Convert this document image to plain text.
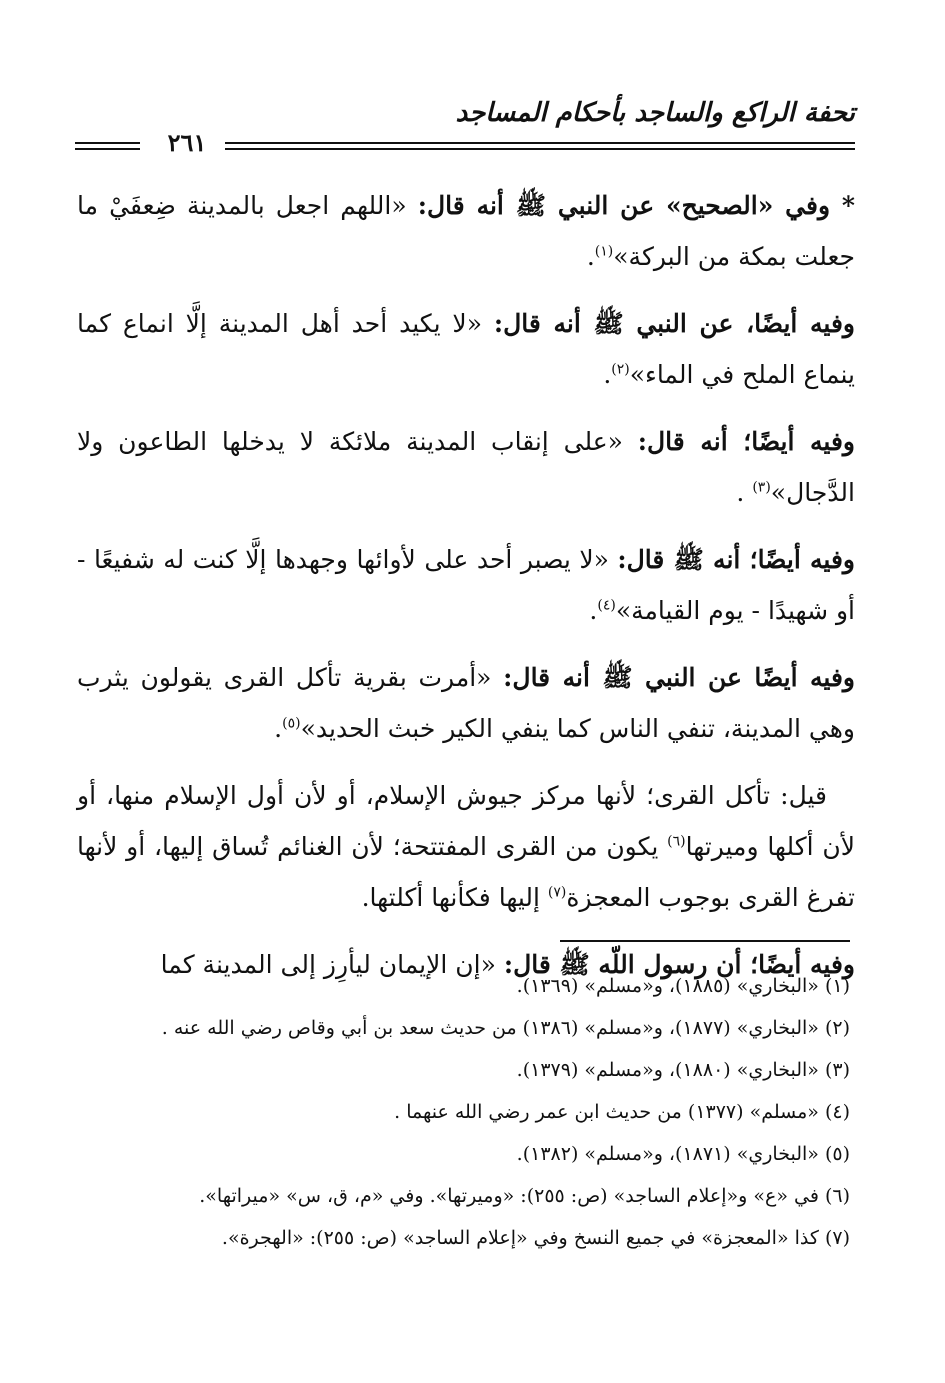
تحفة الراكع والساجد بأحكام المساجد
٢٦١

* وفي «الصحيح» عن النبي ﷺ أنه قال: «اللهم اجعل بالمدينة ضِعفَيْ ما جعلت بمكة من البركة»$^{(١)}$.

وفيه أيضًا، عن النبي ﷺ أنه قال: «لا يكيد أحد أهل المدينة إلَّا انماع كما ينماع الملح في الماء»$^{(٢)}$.

وفيه أيضًا؛ أنه قال: «على إنقاب المدينة ملائكة لا يدخلها الطاعون ولا الدَّجال»$^{(٣)}$ .

وفيه أيضًا؛ أنه ﷺ قال: «لا يصبر أحد على لأوائها وجهدها إلَّا كنت له شفيعًا - أو شهيدًا - يوم القيامة»$^{(٤)}$.

وفيه أيضًا عن النبي ﷺ أنه قال: «أمرت بقرية تأكل القرى يقولون يثرب وهي المدينة، تنفي الناس كما ينفي الكير خبث الحديد»$^{(٥)}$.

قيل: تأكل القرى؛ لأنها مركز جيوش الإسلام، أو لأن أول الإسلام منها، أو لأن أكلها وميرتها$^{(٦)}$ يكون من القرى المفتتحة؛ لأن الغنائم تُساق إليها، أو لأنها تفرغ القرى بوجوب المعجزة$^{(٧)}$ إليها فكأنها أكلتها.

وفيه أيضًا؛ أن رسول اللّه ﷺ قال: «إن الإيمان ليأرِز إلى المدينة كما

(١) «البخاري» (١٨٨٥)، و«مسلم» (١٣٦٩).
(٢) «البخاري» (١٨٧٧)، و«مسلم» (١٣٨٦) من حديث سعد بن أبي وقاص رضي الله عنه .
(٣) «البخاري» (١٨٨٠)، و«مسلم» (١٣٧٩).
(٤) «مسلم» (١٣٧٧) من حديث ابن عمر رضي الله عنهما .
(٥) «البخاري» (١٨٧١)، و«مسلم» (١٣٨٢).
(٦) في «ع» و«إعلام الساجد» (ص: ٢٥٥): «وميرتها». وفي «م، ق، س» «ميراتها».
(٧) كذا «المعجزة» في جميع النسخ وفي «إعلام الساجد» (ص: ٢٥٥): «الهجرة».
